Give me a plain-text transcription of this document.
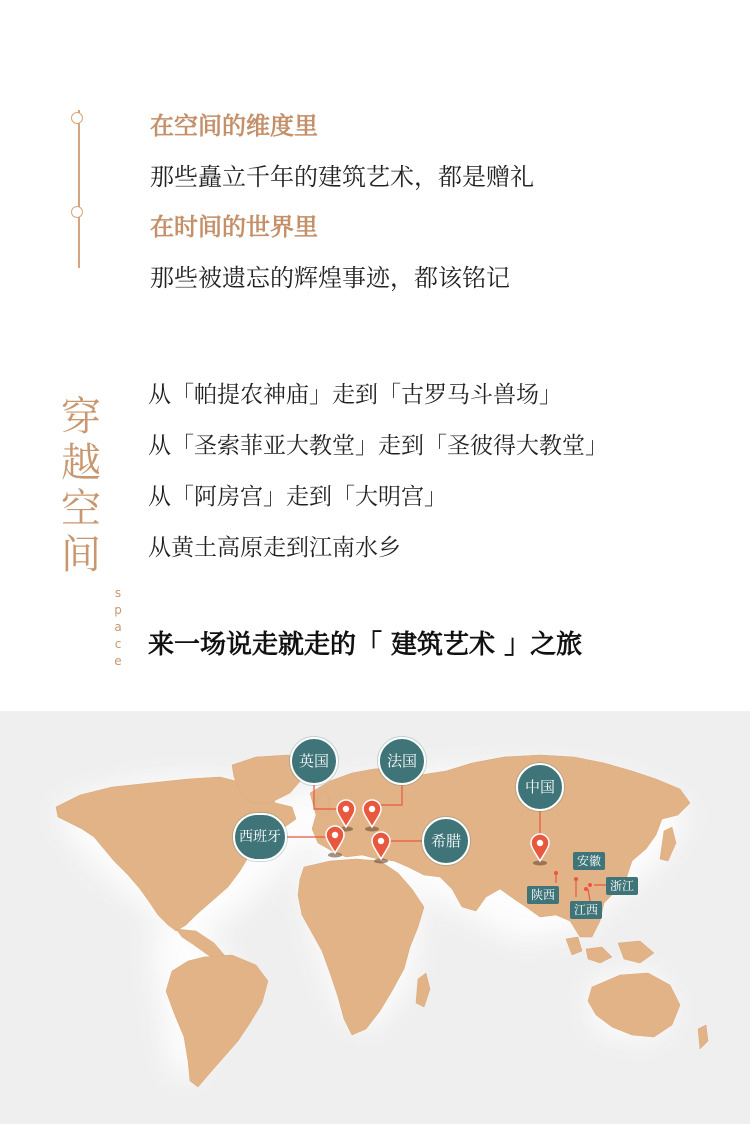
在空间的维度里
那些矗立千年的建筑艺术，都是赠礼
在时间的世界里
那些被遗忘的辉煌事迹，都该铭记
穿
越
空
间
s
p
a
c
e
从「帕提农神庙」走到「古罗马斗兽场」
从「圣索菲亚大教堂」走到「圣彼得大教堂」
从「阿房宫」走到「大明宫」
从黄土高原走到江南水乡
来一场说走就走的「 建筑艺术 」之旅
英国	法国
西班牙	希腊
中国
安徽
浙江
陕西
江西
